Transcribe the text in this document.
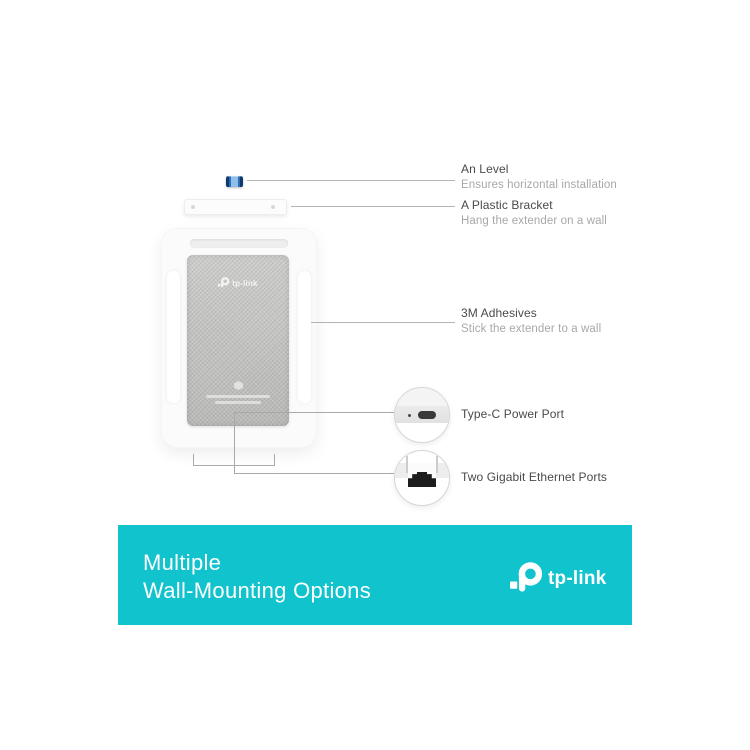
tp-link
An Level
Ensures horizontal installation
A Plastic Bracket
Hang the extender on a wall
3M Adhesives
Stick the extender to a wall
Type-C Power Port
Two Gigabit Ethernet Ports
Multiple
Wall-Mounting Options	tp-link
